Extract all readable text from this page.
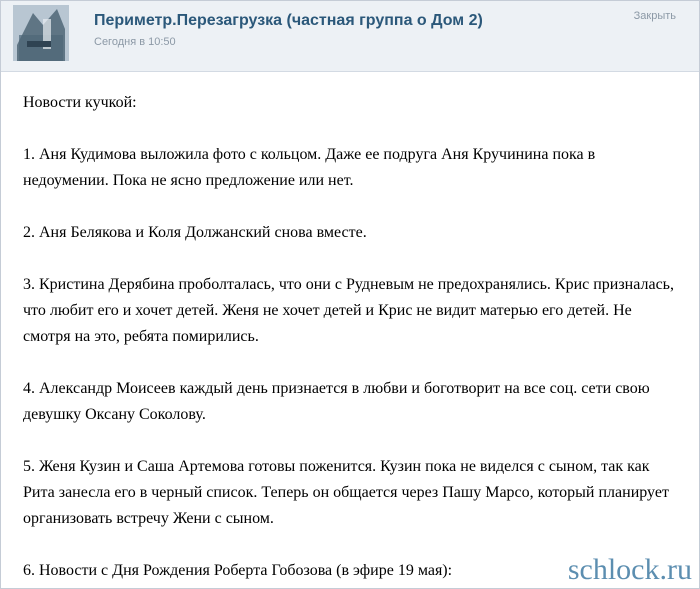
Периметр.Перезагрузка (частная группа о Дом 2)
Сегодня в 10:50
Закрыть

Новости кучкой:

1. Аня Кудимова выложила фото с кольцом. Даже ее подруга Аня Кручинина пока в недоумении. Пока не ясно предложение или нет.

2. Аня Белякова и Коля Должанский снова вместе.

3. Кристина Дерябина проболталась, что они с Рудневым не предохранялись. Крис призналась, что любит его и хочет детей. Женя не хочет детей и Крис не видит матерью его детей. Не смотря на это, ребята помирились.

4. Александр Моисеев каждый день признается в любви и боготворит на все соц. сети свою девушку Оксану Соколову.

5. Женя Кузин и Саша Артемова готовы поженится. Кузин пока не виделся с сыном, так как Рита занесла его в черный список. Теперь он общается через Пашу Марсо, который планирует организовать встречу Жени с сыном.

6. Новости с Дня Рождения Роберта Гобозова (в эфире 19 мая):	schlock.ru
